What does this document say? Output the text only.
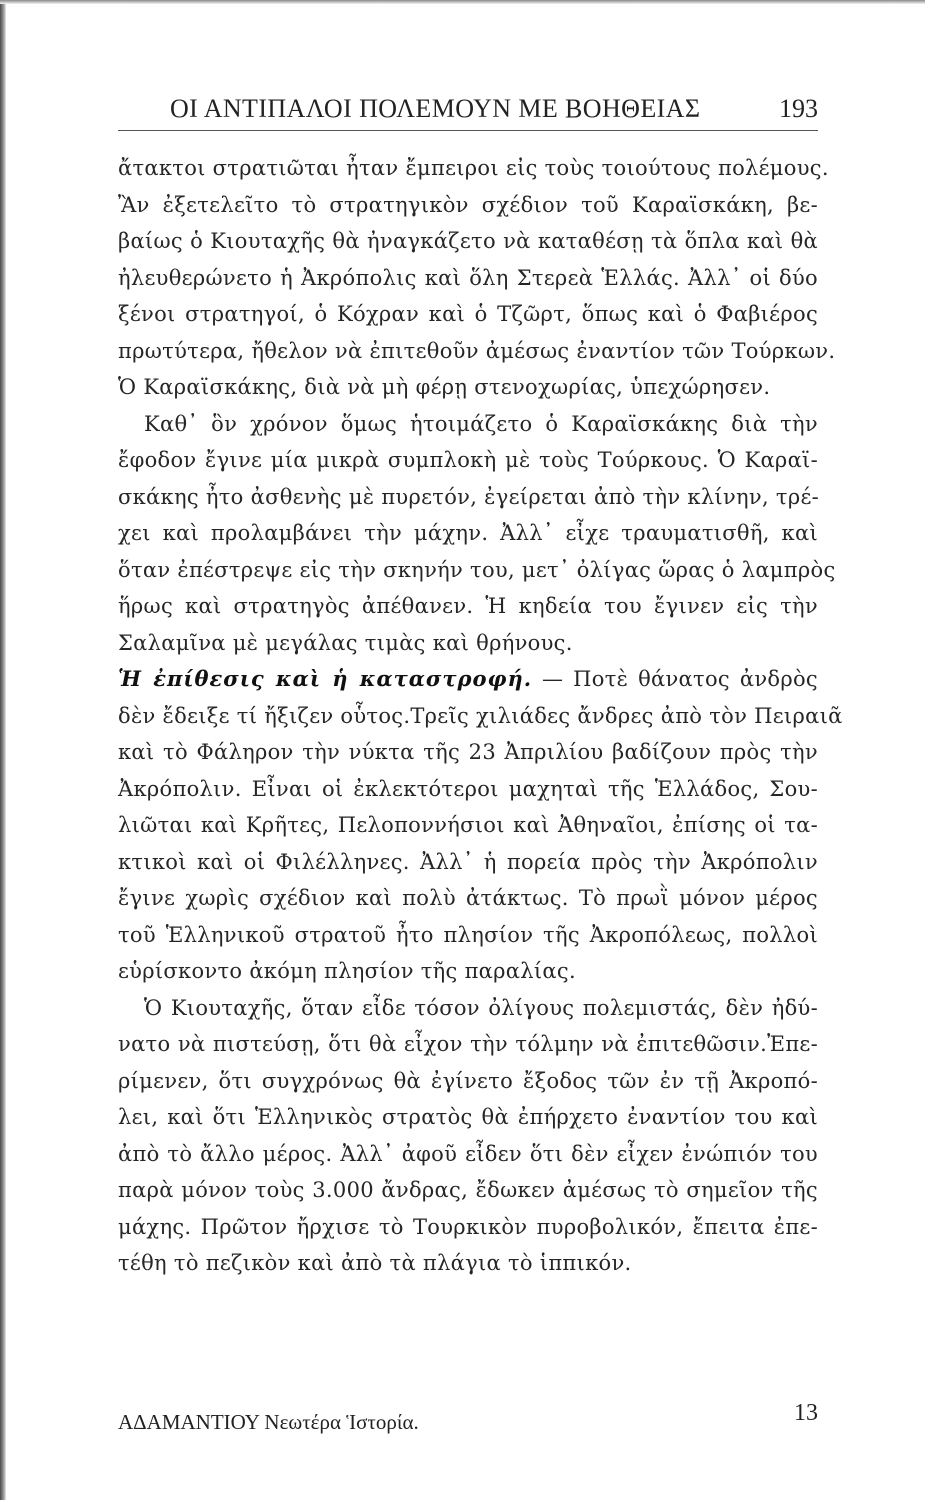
ΟΙ ΑΝΤΙΠΑΛΟΙ ΠΟΛΕΜΟΥΝ ΜΕ ΒΟΗΘΕΙΑΣ	193
ἄτακτοι στρατιῶται ἦταν ἔμπειροι εἰς τοὺς τοιούτους πολέμους.
Ἂν ἐξετελεῖτο τὸ στρατηγικὸν σχέδιον τοῦ Καραϊσκάκη, βε-
βαίως ὁ Κιουταχῆς θὰ ἠναγκάζετο νὰ καταθέσῃ τὰ ὅπλα καὶ θὰ
ἠλευθερώνετο ἡ Ἀκρόπολις καὶ ὅλη Στερεὰ Ἑλλάς. Ἀλλ᾽ οἱ δύο
ξένοι στρατηγοί, ὁ Κόχραν καὶ ὁ Τζῶρτ, ὅπως καὶ ὁ Φαβιέρος
πρωτύτερα, ἤθελον νὰ ἐπιτεθοῦν ἀμέσως ἐναντίον τῶν Τούρκων.
Ὁ Καραϊσκάκης, διὰ νὰ μὴ φέρῃ στενοχωρίας, ὑπεχώρησεν.
Καθ᾽ ὃν χρόνον ὅμως ἡτοιμάζετο ὁ Καραϊσκάκης διὰ τὴν
ἔφοδον ἔγινε μία μικρὰ συμπλοκὴ μὲ τοὺς Τούρκους. Ὁ Καραϊ-
σκάκης ἦτο ἀσθενὴς μὲ πυρετόν, ἐγείρεται ἀπὸ τὴν κλίνην, τρέ-
χει καὶ προλαμβάνει τὴν μάχην. Ἀλλ᾽ εἶχε τραυματισθῆ, καὶ
ὅταν ἐπέστρεψε εἰς τὴν σκηνήν του, μετ᾽ ὀλίγας ὥρας ὁ λαμπρὸς
ἥρως καὶ στρατηγὸς ἀπέθανεν. Ἡ κηδεία του ἔγινεν εἰς τὴν
Σαλαμῖνα μὲ μεγάλας τιμὰς καὶ θρήνους.
Ἡ ἐπίθεσις καὶ ἡ καταστροφή. — Ποτὲ θάνατος ἀνδρὸς
δὲν ἔδειξε τί ἤξιζεν οὗτος.Τρεῖς χιλιάδες ἄνδρες ἀπὸ τὸν Πειραιᾶ
καὶ τὸ Φάληρον τὴν νύκτα τῆς 23 Ἀπριλίου βαδίζουν πρὸς τὴν
Ἀκρόπολιν. Εἶναι οἱ ἐκλεκτότεροι μαχηταὶ τῆς Ἑλλάδος, Σου-
λιῶται καὶ Κρῆτες, Πελοποννήσιοι καὶ Ἀθηναῖοι, ἐπίσης οἱ τα-
κτικοὶ καὶ οἱ Φιλέλληνες. Ἀλλ᾽ ἡ πορεία πρὸς τὴν Ἀκρόπολιν
ἔγινε χωρὶς σχέδιον καὶ πολὺ ἀτάκτως. Τὸ πρωῒ μόνον μέρος
τοῦ Ἑλληνικοῦ στρατοῦ ἦτο πλησίον τῆς Ἀκροπόλεως, πολλοὶ
εὑρίσκοντο ἀκόμη πλησίον τῆς παραλίας.
Ὁ Κιουταχῆς, ὅταν εἶδε τόσον ὀλίγους πολεμιστάς, δὲν ἠδύ-
νατο νὰ πιστεύσῃ, ὅτι θὰ εἶχον τὴν τόλμην νὰ ἐπιτεθῶσιν.Ἐπε-
ρίμενεν, ὅτι συγχρόνως θὰ ἐγίνετο ἔξοδος τῶν ἐν τῇ Ἀκροπό-
λει, καὶ ὅτι Ἑλληνικὸς στρατὸς θὰ ἐπήρχετο ἐναντίον του καὶ
ἀπὸ τὸ ἄλλο μέρος. Ἀλλ᾽ ἀφοῦ εἶδεν ὅτι δὲν εἶχεν ἐνώπιόν του
παρὰ μόνον τοὺς 3.000 ἄνδρας, ἔδωκεν ἀμέσως τὸ σημεῖον τῆς
μάχης. Πρῶτον ἤρχισε τὸ Τουρκικὸν πυροβολικόν, ἔπειτα ἐπε-
τέθη τὸ πεζικὸν καὶ ἀπὸ τὰ πλάγια τὸ ἱππικόν.
ΑΔΑΜΑΝΤΙΟΥ Νεωτέρα Ἱστορία.	13
